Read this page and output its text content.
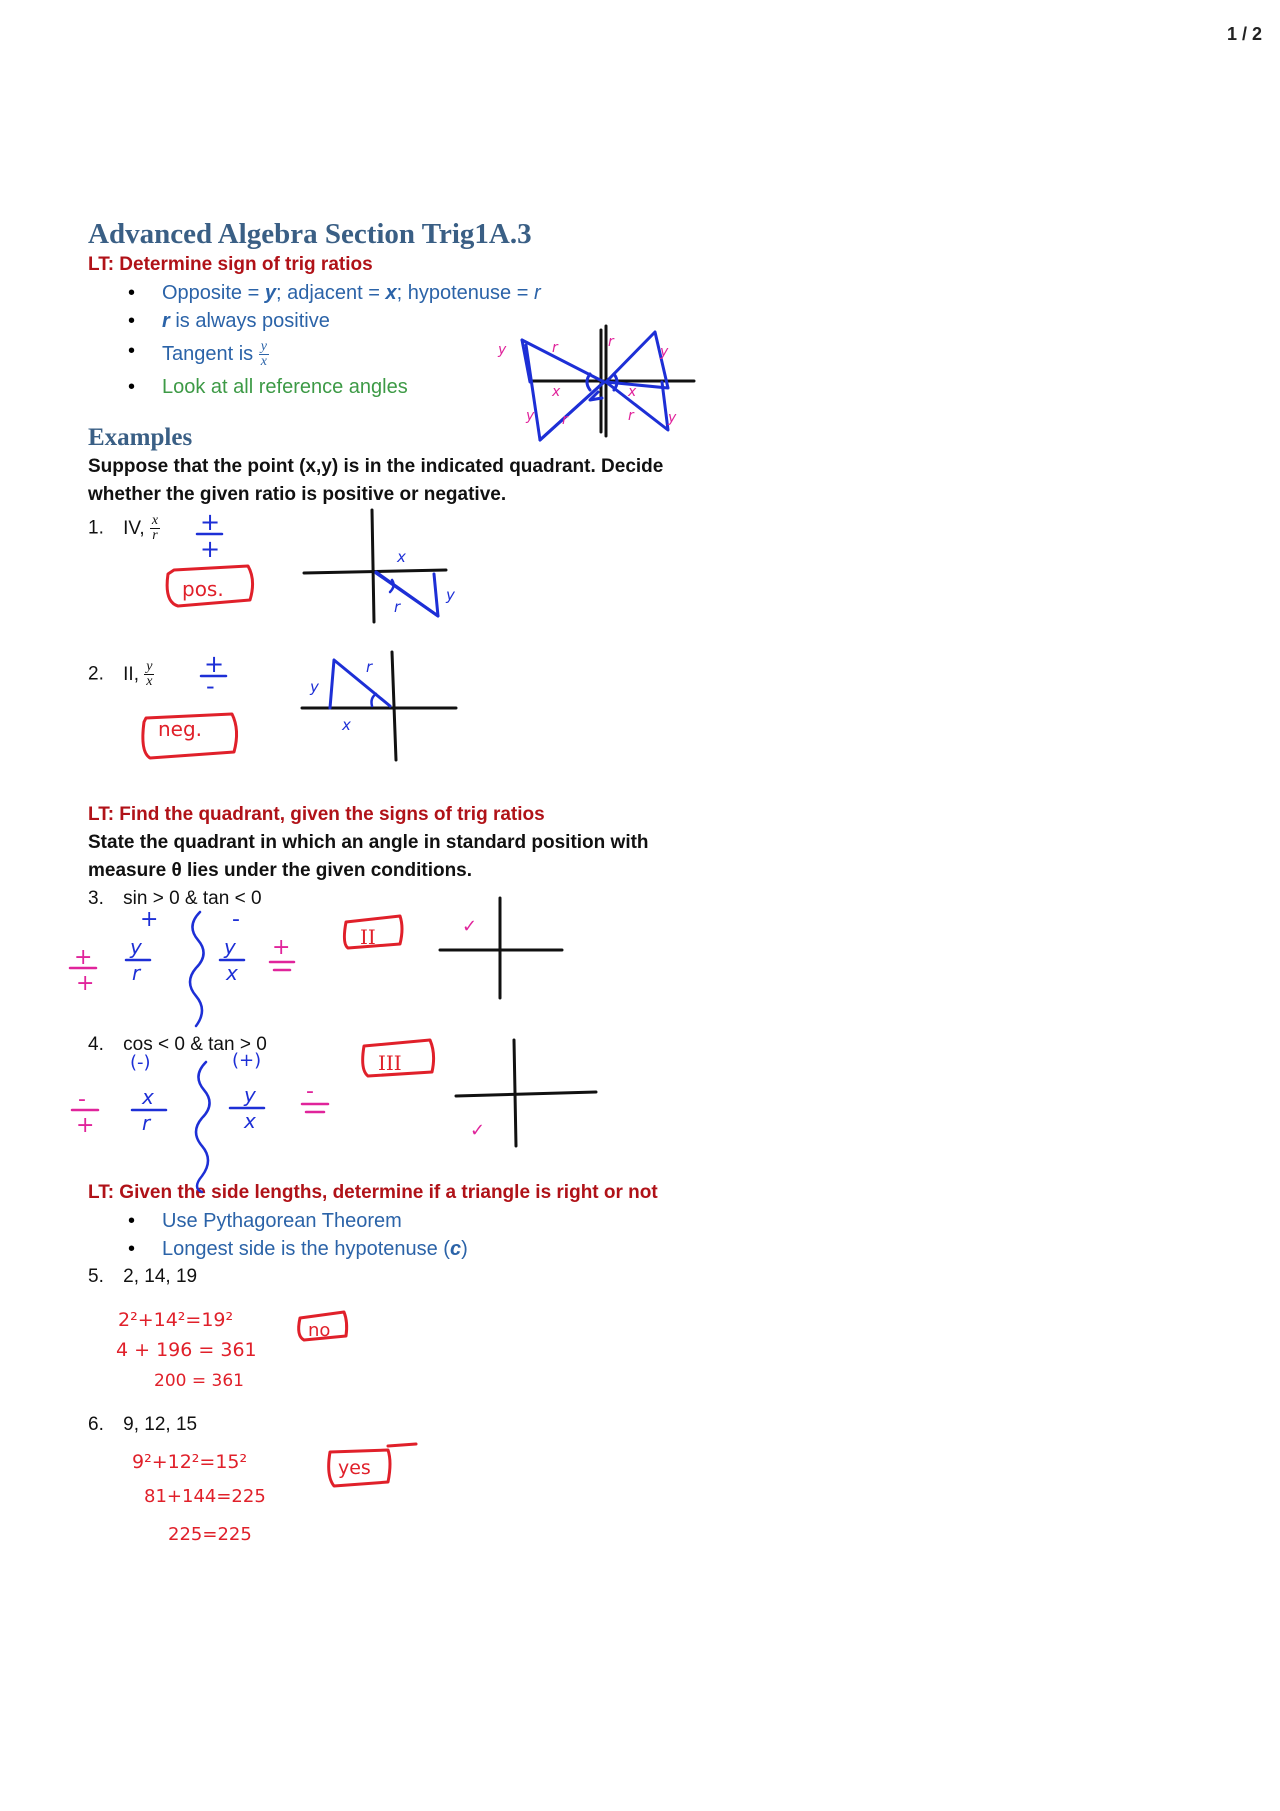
1 / 2
Advanced Algebra Section Trig1A.3
LT: Determine sign of trig ratios
• Opposite = y; adjacent = x; hypotenuse = r
• r is always positive
• Tangent is $\frac{y}{x}$
• Look at all reference angles
Examples
Suppose that the point (x,y) is in the indicated quadrant. Decide
whether the given ratio is positive or negative.
1. IV, $\frac{x}{r}$
2. II, $\frac{y}{x}$
LT: Find the quadrant, given the signs of trig ratios
State the quadrant in which an angle in standard position with
measure θ lies under the given conditions.
3. sin > 0 & tan < 0
4. cos < 0 & tan > 0
LT: Given the side lengths, determine if a triangle is right or not
• Use Pythagorean Theorem
• Longest side is the hypotenuse (c)
5. 2, 14, 19
6. 9, 12, 15
y	r	r
y
x	x
y r	r y
+
+
pos.
x
y
r
+
-
neg.
r
y
x
+	-
+
+
y
r
y
x
+	II	✓
(-)	(+)
-
+
x
r
y
x
-
III
✓
2²+14²=19²
4 + 196 = 361
200 = 361
no
9²+12²=15²
81+144=225
225=225
yes
